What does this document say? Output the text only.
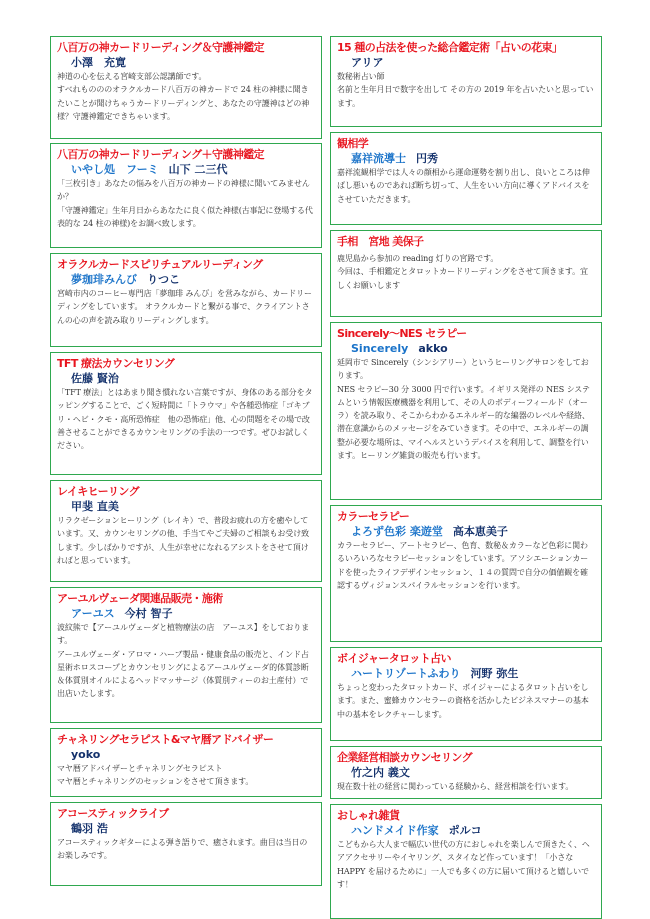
八百万の神カードリーディング＆守護神鑑定
小澤　充寛

神道の心を伝える宮崎支部公認講師です。

すべれものののオラクルカード八百万の神カードで 24 柱の神様に聞きたいことが聞けちゃうカードリーディングと、あなたの守護神はどの神様？守護神鑑定できちゃいます。

八百万の神カードリーディング＋守護神鑑定
いやし処　フーミ 山下 二三代

「三枚引き」あなたの悩みを八百万の神カードの神様に聞いてみませんか？

「守護神鑑定」生年月日からあなたに良く似た神様(古事記に登場する代表的な 24 柱の神様)をお調べ致します。

オラクルカードスピリチュアルリーディング
夢珈琲みんび りつこ

宮崎市内のコーヒー専門店「夢珈琲 みんび」を営みながら、カードリーディングをしています。 オラクルカードと繋がる事で、クライアントさんの心の声を読み取りリーディングします。

TFT 療法カウンセリング
佐藤 賢治

「TFT 療法」とはあまり聞き慣れない言葉ですが、身体のある部分をタッピングすることで、ごく短時間に「トラウマ」や各種恐怖症「ゴキブリ・ヘビ・クモ・高所恐怖症　他の恐怖症」他、心の問題をその場で改善させることができるカウンセリングの手法の一つです。ぜひお試しください。

レイキヒーリング
甲斐 直美

リラクゼーションヒーリング（レイキ）で、普段お疲れの方を癒やしています。又、カウンセリングの他、手当てやご夫婦のご相談もお受け致します。少しばかりですが、人生が幸せになれるアシストをさせて頂ければと思っています。

アーユルヴェーダ関連品販売・施術
アーユス 今村 智子

波紋熊で【アーユルヴェーダと植物療法の店　アーユス】をしております。

アーユルヴェーダ・アロマ・ハーブ製品・健康食品の販売と、インド占星術ホロスコープとカウンセリングによるアーユルヴェーダ的体質診断＆体質別オイルによるヘッドマッサージ（体質別ティーのお土産付）で出店いたします。

チャネリングセラピスト&マヤ暦アドバイザー
yoko

マヤ暦アドバイザーとチャネリングセラピスト

マヤ暦とチャネリングのセッションをさせて頂きます。

アコースティックライブ
鶴羽 浩

アコースティックギターによる弾き語りで、癒されます。曲目は当日のお楽しみです。

15 種の占法を使った総合鑑定術「占いの花束」
アリア

数秘術占い師

名前と生年月日で数字を出して その方の 2019 年を占いたいと思っています。

観相学
嘉祥流導士 円秀

嘉祥流観相学では人々の顔相から運命運勢を割り出し、良いところは伸ばし悪いものであれば断ち切って、人生をいい方向に導くアドバイスをさせていただきます。

手相　宮地 美保子

鹿児島から参加の reading 灯りの宮路です。

今回は、手相鑑定とタロットカードリーディングをさせて頂きます。宜しくお願いします

Sincerely～NES セラピー
Sincerely akko

延岡市で Sincerely（シンシアリー）というヒーリングサロンをしております。

NES セラピー30 分 3000 円で行います。イギリス発祥の NES システムという情報医療機器を利用して、その人のボディーフィールド（オーラ）を読み取り、そこからわかるエネルギー的な編器のレベルや経絡、潜在意識からのメッセージをみていきます。その中で、エネルギーの調整が必要な場所は、マイヘルスというデバイスを利用して、調整を行います。ヒーリング雑貨の販売も行います。

カラーセラピー
よろず色彩 楽遊堂 高本恵美子

カラーセラピー、アートセラピー、色育、数秘＆カラーなど色彩に関わるいろいろなセラピーセッションをしています。アソシエーションカードを使ったライフデザインセッション、１４の質問で自分の価値観を確認するヴィジョンスパイラルセッションを行います。

ボイジャータロット占い
ハートリゾートふわり 河野 弥生

ちょっと変わったタロットカード、ボイジャーによるタロット占いをします。また、蜜蜂カウンセラーの資格を活かしたビジネスマナーの基本中の基本をレクチャーします。

企業経営相談カウンセリング
竹之内 義文

現在数十社の経営に関わっている経験から、経営相談を行います。

おしゃれ雑貨
ハンドメイド作家 ポルコ

こどもから大人まで幅広い世代の方におしゃれを楽しんで頂きたく、ヘアアクセサリーやイヤリング、スタイなど作っています！「小さな HAPPY を届けるために」一人でも多くの方に届いて頂けると嬉しいです！
